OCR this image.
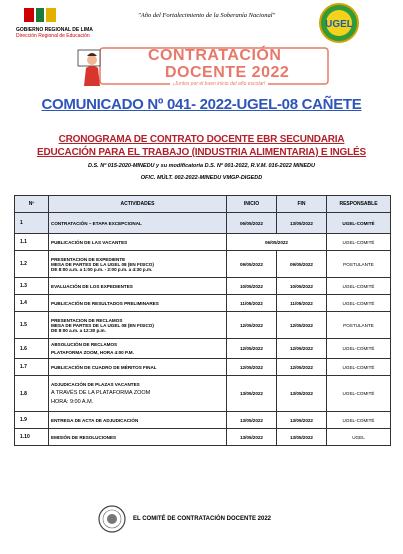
GOBIERNO REGIONAL DE LIMA
Dirección Regional de Educación
"Año del Fortalecimiento de la Soberanía Nacional"
UGEL
CONTRATACIÓN
DOCENTE 2022
¡Juntos por el buen inicio del año escolar!
COMUNICADO Nº 041- 2022-UGEL-08 CAÑETE
CRONOGRAMA DE CONTRATO DOCENTE EBR SECUNDARIA
EDUCACIÓN PARA EL TRABAJO (INDUSTRIA ALIMENTARIA) E INGLÉS
D.S. Nº 015-2020-MINEDU y su modificatoria D.S. Nº 001-2022, R.V.M. 016-2022 MINEDU
OFIC. MÚLT. 002-2022-MINEDU VMGP-DIGEDD
Nº	ACTIVIDADES	INICIO	FIN	RESPONSABLE
1	CONTRATACIÓN – ETAPA EXCEPCIONAL	06/05/2022	13/05/2022	UGEL-COMITÉ
1.1	PUBLICACIÓN DE LAS VACANTES	06/05/2022		UGEL-COMITÉ
1.2	PRESENTACION DE EXPEDIENTE
MESA DE PARTES DE LA UGEL 08 (EN FISICO)
DE 8:00 a.m. a 1:00 p.m. - 2:00 p.m. a 4:30 p.m.	09/05/2022	09/05/2022	POSTULANTE
1.3	EVALUACIÓN DE LOS EXPEDIENTES	10/05/2022	10/05/2022	UGEL-COMITÉ
1.4	PUBLICACIÓN DE RESULTADOS PRELIMINARES	11/05/2022	11/05/2022	UGEL-COMITÉ
1.5	PRESENTACION DE RECLAMOS
MESA DE PARTES DE LA UGEL 08 (EN FISICO)
DE 8:00 a.m. a 12:30 p.m.	12/05/2022	12/05/2022	POSTULANTE
1.6	ABSOLUCIÓN DE RECLAMOS
PLATAFORMA ZOOM, HORA 4:00 P.M.	12/05/2022	12/05/2022	UGEL-COMITÉ
1.7	PUBLICACIÓN DE CUADRO DE MÉRITOS FINAL	12/05/2022	12/05/2022	UGEL-COMITÉ
1.8	ADJUDICACIÓN DE PLAZAS VACANTES
A TRAVÉS DE LA PLATAFORMA ZOOM
HORA: 9:00 A.M.	13/05/2022	13/05/2022	UGEL-COMITÉ
1.9	ENTREGA DE ACTA DE ADJUDICACIÓN	13/05/2022	13/05/2022	UGEL-COMITÉ
1.10	EMISIÓN DE RESOLUCIONES	13/05/2022	13/05/2022	UGEL
EL COMITÉ DE CONTRATACIÓN DOCENTE 2022
